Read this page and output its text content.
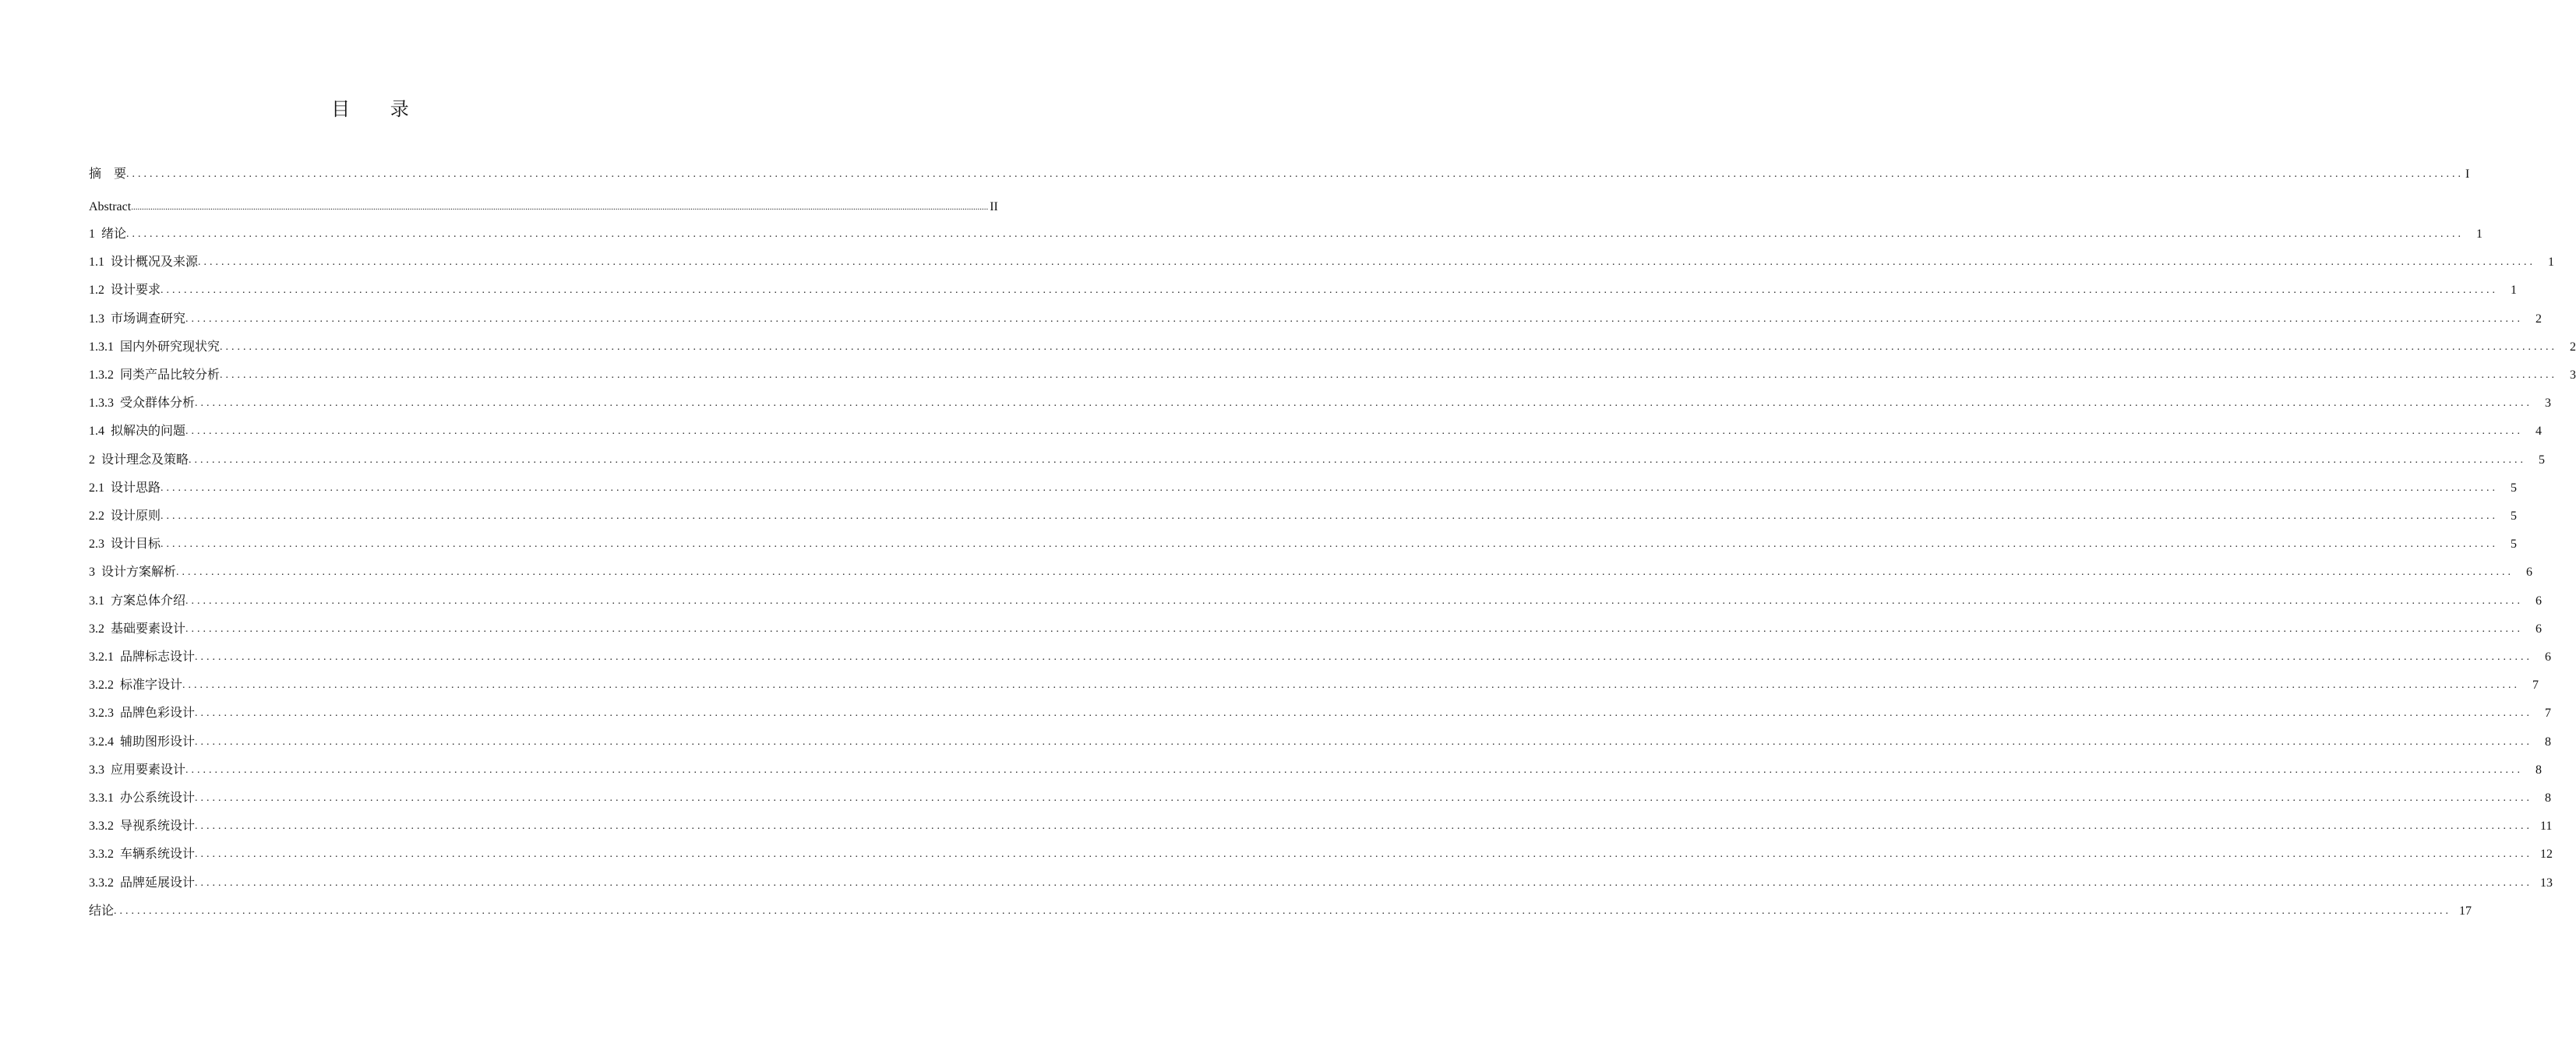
目 录
摘    要 ................................................................................................................................................................................................................................................................................................................................................................................................................ I
Abstract ................................................................................................................................................................................................................................................................................................................................................................................................................ II
1  绪论 ................................................................................................................................................................................................................................................................................................................................................................................................................	1
1.1  设计概况及来源 ................................................................................................................................................................................................................................................................................................................................................................................................................	1
1.2  设计要求 ................................................................................................................................................................................................................................................................................................................................................................................................................	1
1.3  市场调查研究 ................................................................................................................................................................................................................................................................................................................................................................................................................	2
1.3.1  国内外研究现状究 ................................................................................................................................................................................................................................................................................................................................................................................................................	2
1.3.2  同类产品比较分析 ................................................................................................................................................................................................................................................................................................................................................................................................................	3
1.3.3  受众群体分析 ................................................................................................................................................................................................................................................................................................................................................................................................................	3
1.4  拟解决的问题 ................................................................................................................................................................................................................................................................................................................................................................................................................	4
2  设计理念及策略 ................................................................................................................................................................................................................................................................................................................................................................................................................	5
2.1  设计思路 ................................................................................................................................................................................................................................................................................................................................................................................................................	5
2.2  设计原则 ................................................................................................................................................................................................................................................................................................................................................................................................................	5
2.3  设计目标 ................................................................................................................................................................................................................................................................................................................................................................................................................	5
3  设计方案解析 ................................................................................................................................................................................................................................................................................................................................................................................................................	6
3.1  方案总体介绍 ................................................................................................................................................................................................................................................................................................................................................................................................................	6
3.2  基础要素设计 ................................................................................................................................................................................................................................................................................................................................................................................................................	6
3.2.1  品牌标志设计 ................................................................................................................................................................................................................................................................................................................................................................................................................	6
3.2.2  标准字设计 ................................................................................................................................................................................................................................................................................................................................................................................................................	7
3.2.3  品牌色彩设计 ................................................................................................................................................................................................................................................................................................................................................................................................................	7
3.2.4  辅助图形设计 ................................................................................................................................................................................................................................................................................................................................................................................................................	8
3.3  应用要素设计 ................................................................................................................................................................................................................................................................................................................................................................................................................	8
3.3.1  办公系统设计 ................................................................................................................................................................................................................................................................................................................................................................................................................	8
3.3.2  导视系统设计 ................................................................................................................................................................................................................................................................................................................................................................................................................ 11
3.3.2  车辆系统设计 ................................................................................................................................................................................................................................................................................................................................................................................................................ 12
3.3.2  品牌延展设计 ................................................................................................................................................................................................................................................................................................................................................................................................................ 13
结论 ................................................................................................................................................................................................................................................................................................................................................................................................................ 17
